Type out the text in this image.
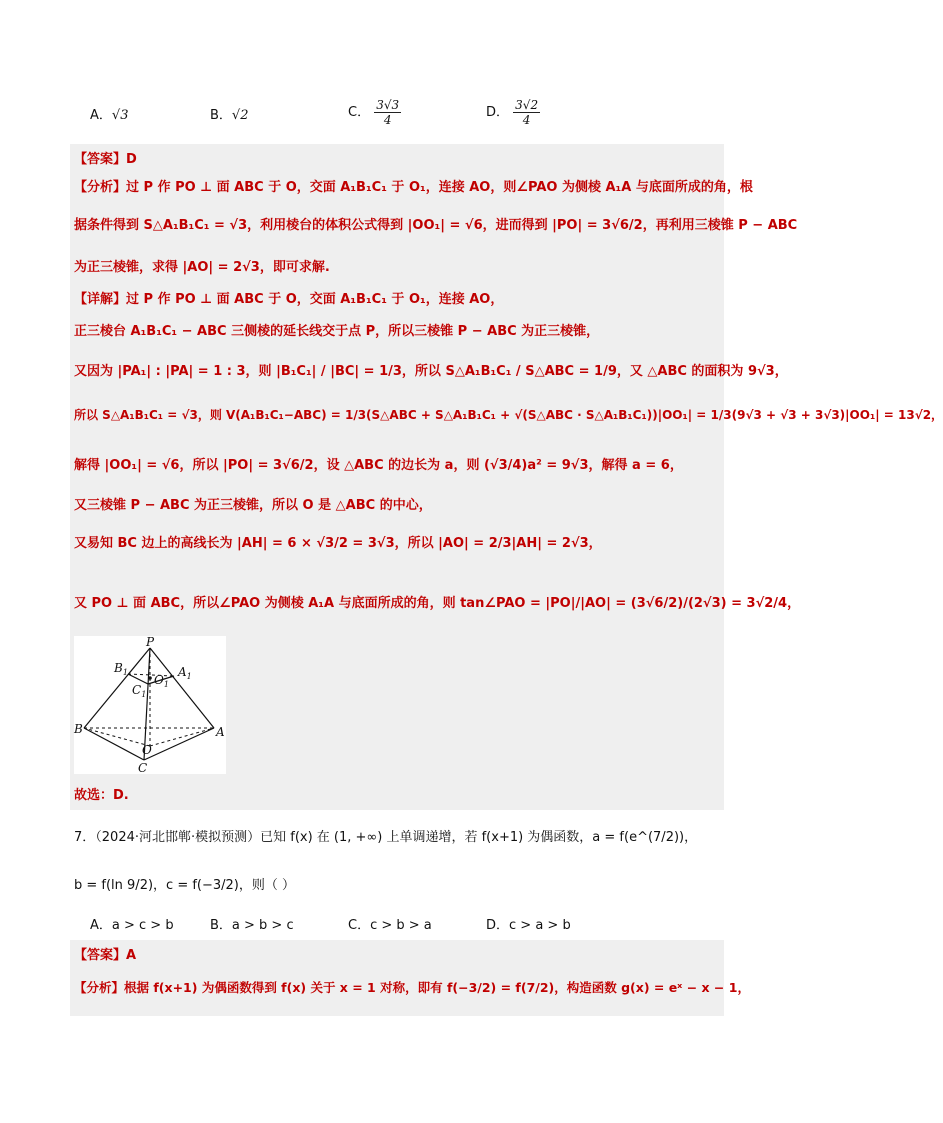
A．√3	B．√2	C． $\frac{3√3}{4}$	D． $\frac{3√2}{4}$
【答案】D
【分析】过 P 作 PO ⊥ 面 ABC 于 O，交面 A₁B₁C₁ 于 O₁，连接 AO，则∠PAO 为侧棱 A₁A 与底面所成的角，根
据条件得到 S△A₁B₁C₁ = √3，利用棱台的体积公式得到 |OO₁| = √6，进而得到 |PO| = 3√6/2，再利用三棱锥 P − ABC
为正三棱锥，求得 |AO| = 2√3，即可求解.
【详解】过 P 作 PO ⊥ 面 ABC 于 O，交面 A₁B₁C₁ 于 O₁，连接 AO，
正三棱台 A₁B₁C₁ − ABC 三侧棱的延长线交于点 P，所以三棱锥 P − ABC 为正三棱锥，
又因为 |PA₁| : |PA| = 1 : 3，则 |B₁C₁| / |BC| = 1/3，所以 S△A₁B₁C₁ / S△ABC = 1/9，又 △ABC 的面积为 9√3，
所以 S△A₁B₁C₁ = √3，则 V(A₁B₁C₁−ABC) = 1/3(S△ABC + S△A₁B₁C₁ + √(S△ABC · S△A₁B₁C₁))|OO₁| = 1/3(9√3 + √3 + 3√3)|OO₁| = 13√2，
解得 |OO₁| = √6，所以 |PO| = 3√6/2，设 △ABC 的边长为 a，则 (√3/4)a² = 9√3，解得 a = 6，
又三棱锥 P − ABC 为正三棱锥，所以 O 是 △ABC 的中心，
又易知 BC 边上的高线长为 |AH| = 6 × √3/2 = 3√3，所以 |AO| = 2/3|AH| = 2√3，
又 PO ⊥ 面 ABC，所以∠PAO 为侧棱 A₁A 与底面所成的角，则 tan∠PAO = |PO|/|AO| = (3√6/2)/(2√3) = 3√2/4，
P
$B_1$	$A_1$
$C_1$
$O_1$
B	A
O
C
故选：D.
7．（2024·河北邯郸·模拟预测）已知 f(x) 在 (1, +∞) 上单调递增，若 f(x+1) 为偶函数，a = f(e^(7/2))，
b = f(ln 9/2)，c = f(−3/2)，则（ ）
A．a > c > b	B．a > b > c	C．c > b > a	D．c > a > b
【答案】A
【分析】根据 f(x+1) 为偶函数得到 f(x) 关于 x = 1 对称，即有 f(−3/2) = f(7/2)，构造函数 g(x) = eˣ − x − 1，
